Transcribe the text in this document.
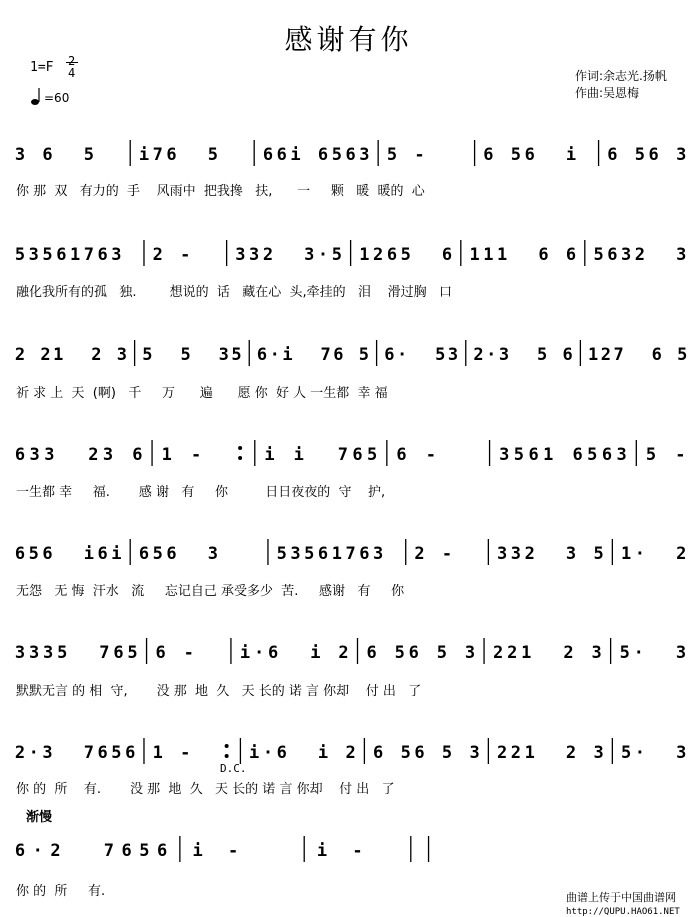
感谢有你
1=F 2
4
=60
作词:余志光.扬帆
作曲:吴恩梅
3 6 5	i 7 6 5	6 6 i 6 5 6 3 5 -	6 5 6 i 6 5 6 3
你 那  双   有力的  手    风雨中  把我搀   扶,      一     颗   暖  暖的  心
5 3 5 6 1 7 6 3 2 -	3 3 2 3 · 5 1 2 6 5 6 1 1 1 6 6 5 6 3 2 3
融化我所有的孤   独.        想说的  话   藏在心  头,牵挂的   泪    滑过胸   口
2 2 1 2 3 5 5 3 5 6 · i 7 6 5 6 · 5 3 2 · 3 5 6 1 2 7 6 5
祈 求 上  天  (啊)   千     万      遍      愿 你  好 人 一生都  幸 福
6 3 3 2 3 6 1 -	i i 7 6 5 6 -	3 5 6 1 6 5 6 3 5 -
一生都 幸     福.       感 谢   有     你         日日夜夜的  守    护,
6 5 6 i 6 i 6 5 6 3	5 3 5 6 1 7 6 3 2 -	3 3 2 3 5 1 · 2
无怨   无 悔  汗水   流     忘记自己 承受多少  苦.     感谢   有     你
3 3 3 5 7 6 5 6 -	i · 6 i 2 6 5 6 5 3 2 2 1 2 3 5 · 3
默默无言 的 相  守,       没 那  地  久   天 长的 诺 言 你却    付 出   了
2 · 3 7 6 5 6 1 -	i · 6 i 2 6 5 6 5 3 2 2 1 2 3 5 · 3
D.C.
你 的  所    有.       没 那  地  久   天 长的 诺 言 你却    付 出   了
渐慢
6 · 2	7 6 5 6 i -	i -
你 的  所     有.	曲谱上传于中国曲谱网
http://QUPU.HAO61.NET
